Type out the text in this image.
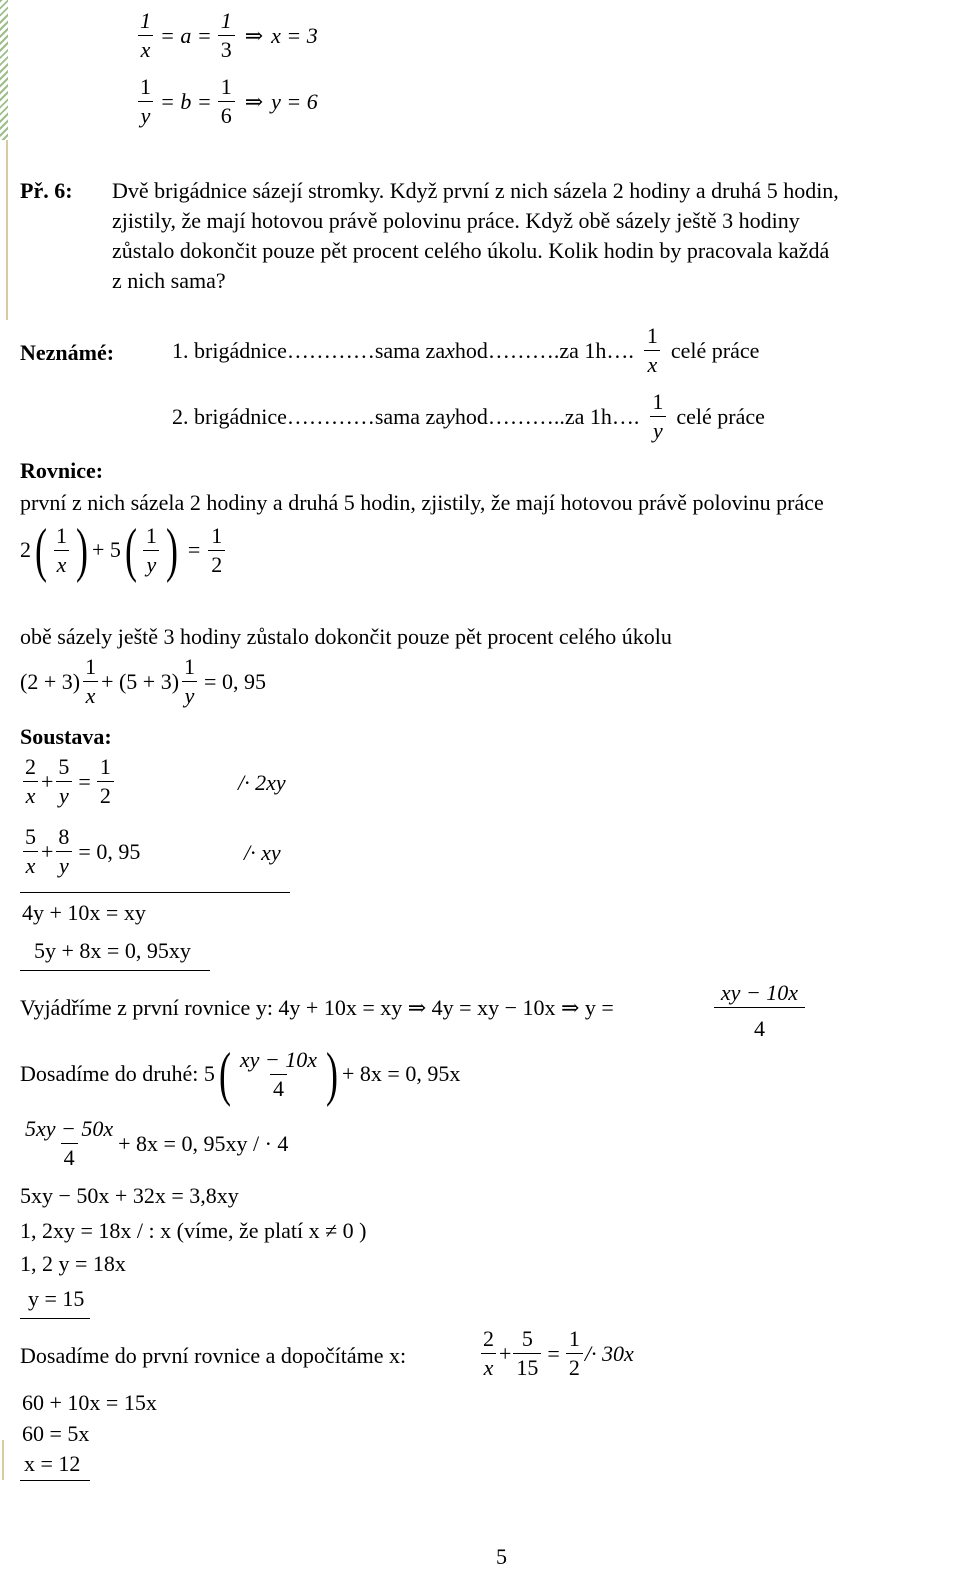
$\frac{1}{x} = a = \frac{1}{3}$ ⇒ x = 3
$\frac{1}{y} = b = \frac{1}{6}$ ⇒ y = 6
Př. 6: Dvě brigádnice sázejí stromky. Když první z nich sázela 2 hodiny a druhá 5 hodin,
zjistily, že mají hotovou právě polovinu práce. Když obě sázely ještě 3 hodiny
zůstalo dokončit pouze pět procent celého úkolu. Kolik hodin by pracovala každá
z nich sama?
Neznámé:	1. brigádnice…………sama za x hod……….za 1h…. $\frac{1}{x}$ celé práce
2. brigádnice…………sama za y hod………..za 1h…. $\frac{1}{y}$ celé práce
Rovnice:
první z nich sázela 2 hodiny a druhá 5 hodin, zjistily, že mají hotovou právě polovinu práce
2 ( $\frac{1}{x}$ ) + 5 ( $\frac{1}{y}$ ) = $\frac{1}{2}$
obě sázely ještě 3 hodiny zůstalo dokončit pouze pět procent celého úkolu
$(2 + 3) \frac{1}{x} + (5 + 3) \frac{1}{y} = 0$, 95
Soustava:
$\frac{2}{x} + \frac{5}{y} = \frac{1}{2}$	/· 2xy
$\frac{5}{x} + \frac{8}{y} = 0$, 95	/· xy
4y + 10x = xy
5y + 8x = 0, 95xy
Vyjádříme z první rovnice y: 4y + 10x = xy ⇒ 4y = xy − 10x ⇒ y =	$\frac{xy - 10x}{4}$
Dosadíme do druhé: 5 ( $\frac{xy - 10x}{4}$ ) + 8x = 0, 95x
$\frac{5xy - 50x}{4} + 8x = 0$, 95xy / · 4
5xy − 50x + 32x = 3,8xy
1, 2xy = 18x / : x (víme, že platí x ≠ 0 )
1, 2 y = 18x
y = 15
Dosadíme do první rovnice a dopočítáme x:	$\frac{2}{x} + \frac{5}{15} = \frac{1}{2} /\cdot 30x$
60 + 10x = 15x
60 = 5x
x = 12
5
